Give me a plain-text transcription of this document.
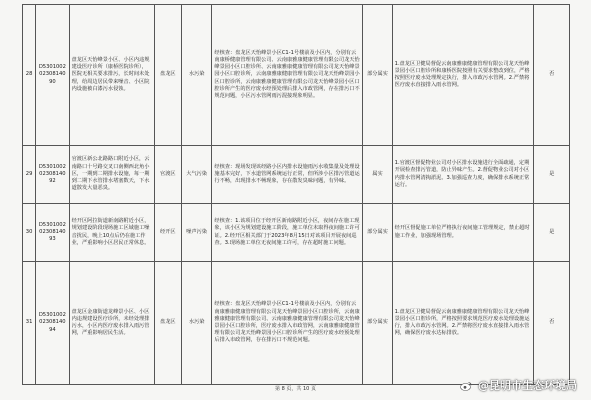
28	D53010020230814090	盘龙区天怡峰景小区、小区内违规建设医疗诊所（康桥医院诊所），医院无相关要求排污，长时间未处理，给周边居民带来噪音、小区院内设施被白漆污水侵蚀。	盘龙区	水污染	经核查：盘龙区天怡峰景小区C1-1号楼前及小区内，分别有云南康桥健康管理有限公司、云南康雅康健康管理有限公司龙天怡峰景园小区口腔诊所、云南康雅康健康管理有限公司龙天怡峰景园小区口腔诊所，云南康雅康健康管理有限公司龙天怡峰景园小区口腔诊所，云南康雅康健康管理有限公司龙天怡峰景园小区口腔诊所产生的医疗废水经预处理后排入市政管网，存在排污口不规范问题，小区污水管网雨污混接现象明显。	部分属实	1.盘龙区卫健局督促云南康雅康健康管理有限公司龙天怡峰景园小区口腔诊所和康桥医院按照有关要求整改到位，严格按照医疗废水处理规定执行，排入市政污水管网。2.严禁将医疗废水直接排入雨水管网。	否
29	D53010020230814092	官渡区新公北路路口附近小区，云南路口十号路交叉口南侧西北角小区，一期到二期排水设施，每一期到二期下水管排水堵塞数天，下水道散发大量恶臭。	官渡区	大气污染	经核查：现场发现该经路小区内排水设施雨污水收集量及处理设施基本完好，下水道管网系统运行正常，但所涉小区排污管道运行不畅，出现排水不畅现象，存在散发臭味问题，有异味。	属实	1.官渡区督促物业公司对小区排水设施进行全面疏通，定期开展检查排污管道，防止异味产生。2.督促物业公司对小区内排水管网清掏淤泥。3.加强巡查力度，确保排水系统正常运行。	是
30	D53010020230814093	经开区阿拉街道新南路附近小区，规划建设阶段现场施工区域施工噪音扰民，晚上10点后仍在施工作业，严重影响小区居民正常休息。	经开区	噪声污染	经核查：1.该项目位于经开区新南路附近小区，夜间存在施工现象，该小区为规划建设施工阶段，施工单位未取得夜间施工许可证。2.经开区相关部门于2023年8月15日对该项目开展夜间巡查。3.现场施工单位无夜间施工许可，存在超时施工问题。	部分属实	经开区督促施工单位严格执行夜间施工管理规定，禁止超时施工作业，加强现场管理。	是
31	D53010020230814094	盘龙区金康街道龙峰景小区、小区内违规建设医疗诊所，未经处理排污水，小区内医疗废水排入雨污管网，严重影响居民生活。	盘龙区	水污染	经核查：盘龙区天怡峰景小区C1-1号楼前及小区内，分别有云南康雅康健康管理有限公司龙天怡峰景园小区口腔诊所，云南康雅康健康管理有限公司、云南康雅康健康管理有限公司龙天怡峰景园小区口腔诊所，医疗废水排入市政管网，云南康雅康健康管理有限公司龙天怡峰景园小区口腔诊所产生的医疗废水经预处理后排入市政管网，存在排污口不规范问题。	部分属实	1.盘龙区卫健局督促云南康雅康健康管理有限公司龙天怡峰景园小区口腔诊所，严格按照要求规范医疗废水处理设施运行，排入市政污水管网。2.严禁将医疗废水直接排入雨水管网，确保医疗废水达标排放。	否
第 8 页，共 10 页	@昆明市生态环境局
